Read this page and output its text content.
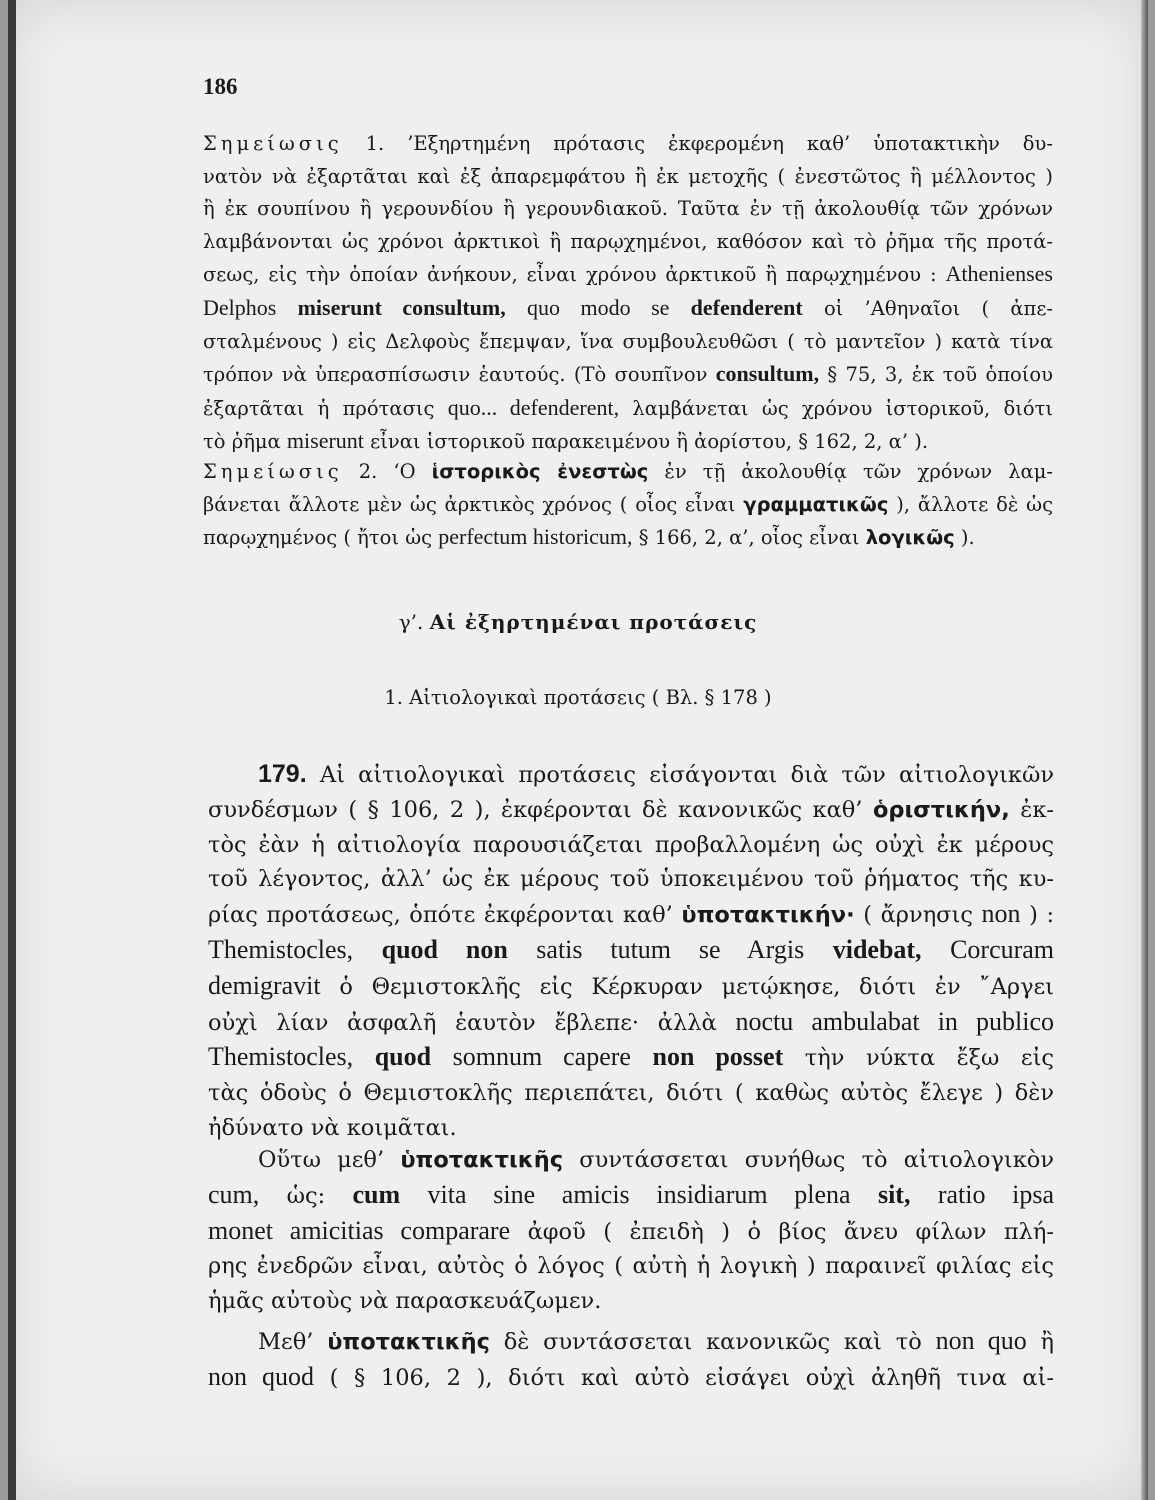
186
Σημείωσις 1. ’Εξηρτημένη πρότασις ἐκφερομένη καθ’ ὑποτακτικὴν δυ-
νατὸν νὰ ἐξαρτᾶται καὶ ἐξ ἀπαρεμφάτου ἢ ἐκ μετοχῆς ( ἐνεστῶτος ἢ μέλλοντος )
ἢ ἐκ σουπίνου ἢ γερουνδίου ἢ γερουνδιακοῦ. Ταῦτα ἐν τῇ ἀκολουθίᾳ τῶν χρόνων
λαμβάνονται ὡς χρόνοι ἀρκτικοὶ ἢ παρῳχημένοι, καθόσον καὶ τὸ ῥῆμα τῆς προτά-
σεως, εἰς τὴν ὁποίαν ἀνήκουν, εἶναι χρόνου ἀρκτικοῦ ἢ παρῳχημένου : Athenienses
Delphos miserunt consultum, quo modo se defenderent οἱ ’Αθηναῖοι ( ἀπε-
σταλμένους ) εἰς Δελφοὺς ἔπεμψαν, ἵνα συμβουλευθῶσι ( τὸ μαντεῖον ) κατὰ τίνα
τρόπον νὰ ὑπερασπίσωσιν ἑαυτούς. (Τὸ σουπῖνον consultum, § 75, 3, ἐκ τοῦ ὁποίου
ἐξαρτᾶται ἡ πρότασις quo... defenderent, λαμβάνεται ὡς χρόνου ἱστορικοῦ, διότι
τὸ ῥῆμα miserunt εἶναι ἱστορικοῦ παρακειμένου ἢ ἀορίστου, § 162, 2, α’ ).
Σημείωσις 2. ‘Ο ἱστορικὸς ἐνεστὼς ἐν τῇ ἀκολουθίᾳ τῶν χρόνων λαμ-
βάνεται ἄλλοτε μὲν ὡς ἀρκτικὸς χρόνος ( οἷος εἶναι γραμματικῶς ), ἄλλοτε δὲ ὡς
παρῳχημένος ( ἤτοι ὡς perfectum historicum, § 166, 2, α’, οἷος εἶναι λογικῶς ).
γ’. Αἱ ἐξηρτημέναι προτάσεις
1. Αἰτιολογικαὶ προτάσεις ( Βλ. § 178 )
179. Αἱ αἰτιολογικαὶ προτάσεις εἰσάγονται διὰ τῶν αἰτιολογικῶν
συνδέσμων ( § 106, 2 ), ἐκφέρονται δὲ κανονικῶς καθ’ ὁριστικήν, ἐκ-
τὸς ἐὰν ἡ αἰτιολογία παρουσιάζεται προβαλλομένη ὡς οὐχὶ ἐκ μέρους
τοῦ λέγοντος, ἀλλ’ ὡς ἐκ μέρους τοῦ ὑποκειμένου τοῦ ῥήματος τῆς κυ-
ρίας προτάσεως, ὁπότε ἐκφέρονται καθ’ ὑποτακτικήν· ( ἄρνησις non ) :
Themistocles, quod non satis tutum se Argis videbat, Corcuram
demigravit ὁ Θεμιστοκλῆς εἰς Κέρκυραν μετῴκησε, διότι ἐν ῎Αργει
οὐχὶ λίαν ἀσφαλῆ ἑαυτὸν ἔβλεπε· ἀλλὰ noctu ambulabat in publico
Themistocles, quod somnum capere non posset τὴν νύκτα ἔξω εἰς
τὰς ὁδοὺς ὁ Θεμιστοκλῆς περιεπάτει, διότι ( καθὼς αὐτὸς ἔλεγε ) δὲν
ἠδύνατο νὰ κοιμᾶται.
Οὕτω μεθ’ ὑποτακτικῆς συντάσσεται συνήθως τὸ αἰτιολογικὸν
cum, ὡς: cum vita sine amicis insidiarum plena sit, ratio ipsa
monet amicitias comparare ἀφοῦ ( ἐπειδὴ ) ὁ βίος ἄνευ φίλων πλή-
ρης ἐνεδρῶν εἶναι, αὐτὸς ὁ λόγος ( αὐτὴ ἡ λογικὴ ) παραινεῖ φιλίας εἰς
ἡμᾶς αὐτοὺς νὰ παρασκευάζωμεν.
Μεθ’ ὑποτακτικῆς δὲ συντάσσεται κανονικῶς καὶ τὸ non quo ἢ
non quod ( § 106, 2 ), διότι καὶ αὐτὸ εἰσάγει οὐχὶ ἀληθῆ τινα αἰ-
